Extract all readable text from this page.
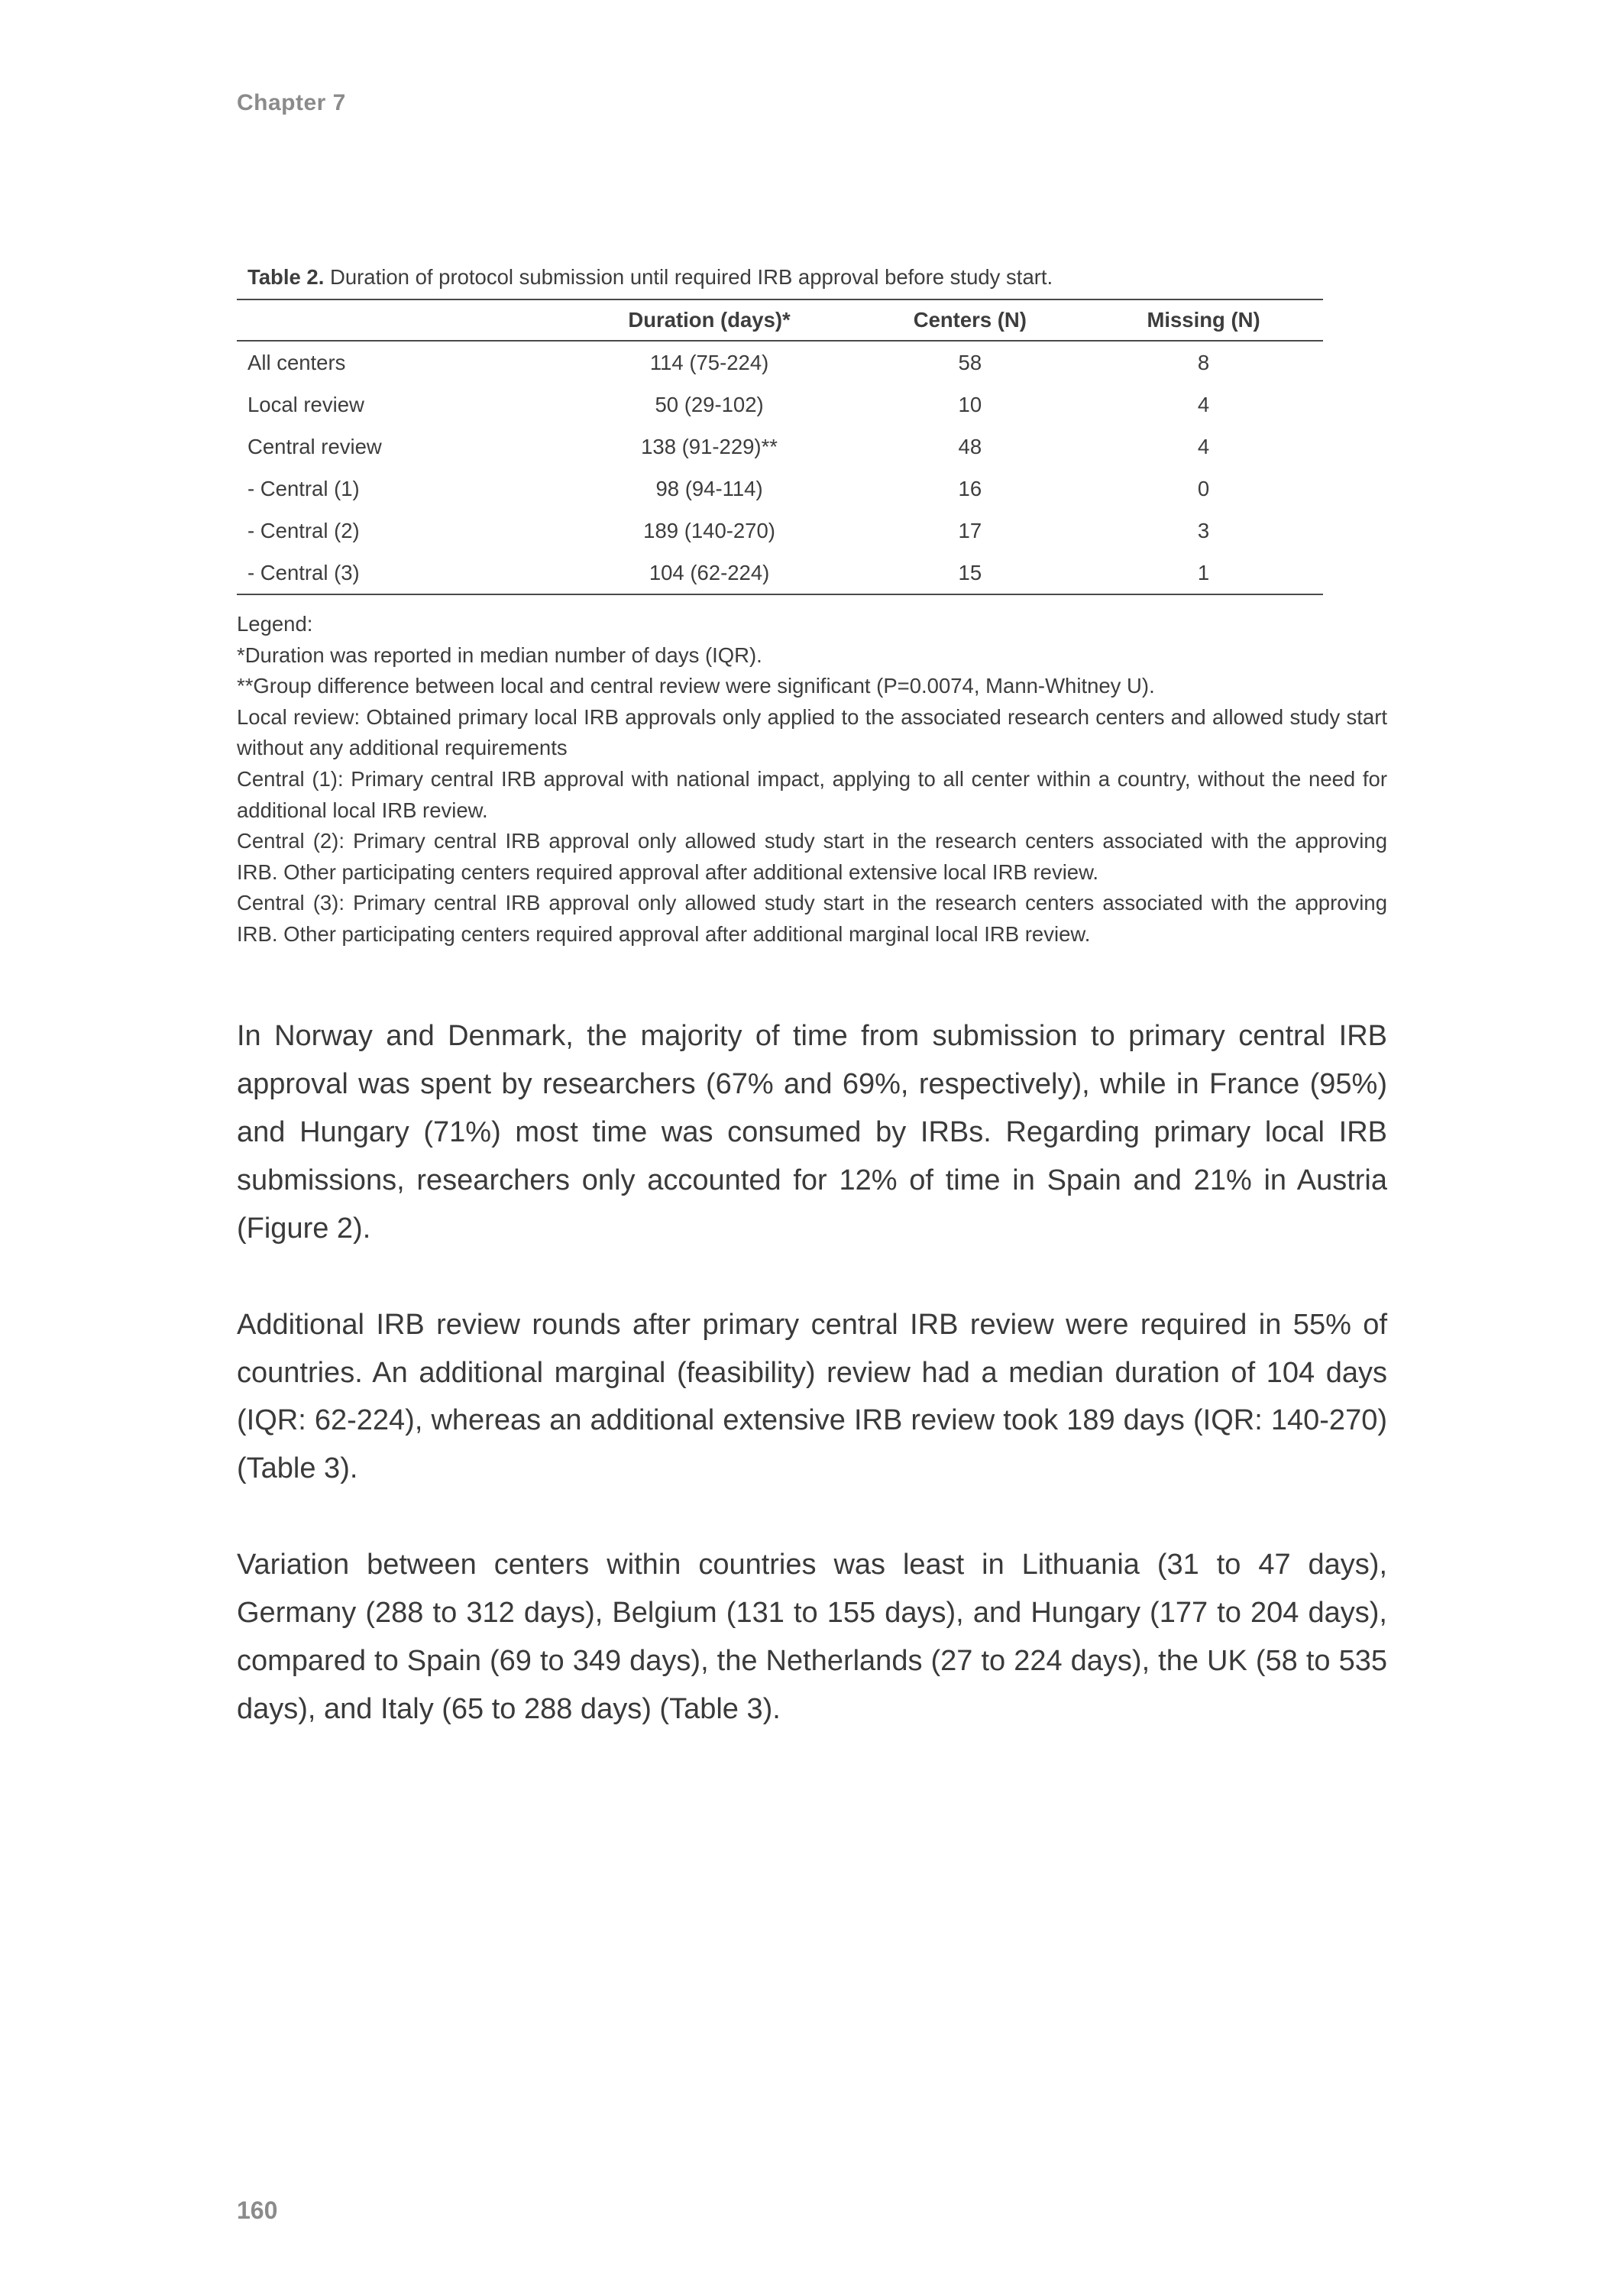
Chapter 7
Table 2. Duration of protocol submission until required IRB approval before study start.
	Duration (days)*	Centers (N)	Missing (N)
All centers	114 (75-224)	58	8
Local review	50 (29-102)	10	4
Central review	138 (91-229)**	48	4
- Central (1)	98 (94-114)	16	0
- Central (2)	189 (140-270)	17	3
- Central (3)	104 (62-224)	15	1
Legend:
*Duration was reported in median number of days (IQR).
**Group difference between local and central review were significant (P=0.0074, Mann-Whitney U).
Local review: Obtained primary local IRB approvals only applied to the associated research centers and allowed study start without any additional requirements
Central (1): Primary central IRB approval with national impact, applying to all center within a country, without the need for additional local IRB review.
Central (2): Primary central IRB approval only allowed study start in the research centers associated with the approving IRB. Other participating centers required approval after additional extensive local IRB review.
Central (3): Primary central IRB approval only allowed study start in the research centers associated with the approving IRB. Other participating centers required approval after additional marginal local IRB review.

In Norway and Denmark, the majority of time from submission to primary central IRB approval was spent by researchers (67% and 69%, respectively), while in France (95%) and Hungary (71%) most time was consumed by IRBs. Regarding primary local IRB submissions, researchers only accounted for 12% of time in Spain and 21% in Austria (Figure 2).

Additional IRB review rounds after primary central IRB review were required in 55% of countries. An additional marginal (feasibility) review had a median duration of 104 days (IQR: 62-224), whereas an additional extensive IRB review took 189 days (IQR: 140-270) (Table 3).

Variation between centers within countries was least in Lithuania (31 to 47 days), Germany (288 to 312 days), Belgium (131 to 155 days), and Hungary (177 to 204 days), compared to Spain (69 to 349 days), the Netherlands (27 to 224 days), the UK (58 to 535 days), and Italy (65 to 288 days) (Table 3).

160
